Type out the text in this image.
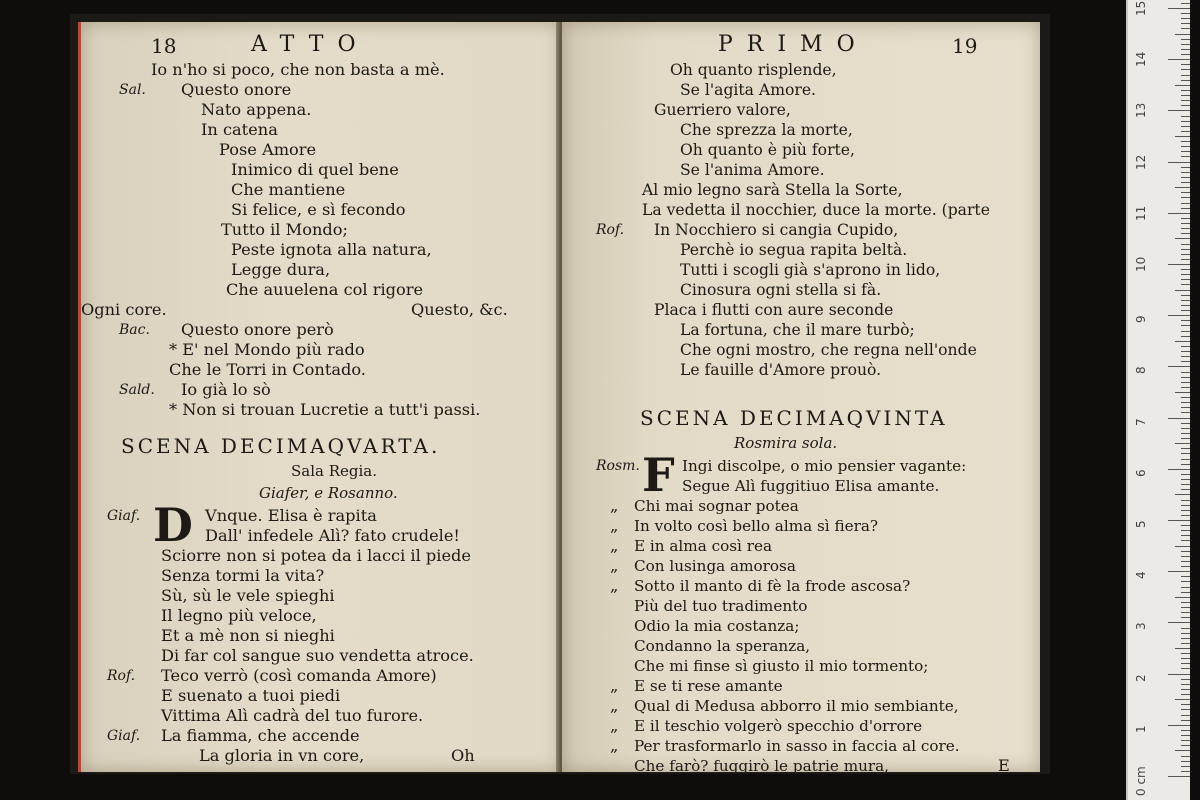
18	ATTO
Io n'ho si poco, che non basta a mè.
Sal. Questo onore
Nato appena.
In catena
Pose Amore
Inimico di quel bene
Che mantiene
Si felice, e sì fecondo
Tutto il Mondo;
Peste ignota alla natura,
Legge dura,
Che auuelena col rigore
Ogni core.	Questo, &c.
Bac. Questo onore però
* E' nel Mondo più rado
Che le Torri in Contado.
Sald. Io già lo sò
* Non si trouan Lucretie a tutt'i passi.
SCENA DECIMAQVARTA.
Sala Regia.
Giafer, e Rosanno.
Giaf. D Vnque. Elisa è rapita
Dall' infedele Alì? fato crudele!
Sciorre non si potea da i lacci il piede
Senza tormi la vita?
Sù, sù le vele spieghi
Il legno più veloce,
Et a mè non si nieghi
Di far col sangue suo vendetta atroce.
Rof. Teco verrò (così comanda Amore)
E suenato a tuoi piedi
Vittima Alì cadrà del tuo furore.
Giaf. La fiamma, che accende
La gloria in vn core,	Oh
PRIMO	19
Oh quanto risplende,
Se l'agita Amore.
Guerriero valore,
Che sprezza la morte,
Oh quanto è più forte,
Se l'anima Amore.
Al mio legno sarà Stella la Sorte,
La vedetta il nocchier, duce la morte. (parte
Rof. In Nocchiero si cangia Cupido,
Perchè io segua rapita beltà.
Tutti i scogli già s'aprono in lido,
Cinosura ogni stella si fà.
Placa i flutti con aure seconde
La fortuna, che il mare turbò;
Che ogni mostro, che regna nell'onde
Le fauille d'Amore prouò.
SCENA DECIMAQVINTA
Rosmira sola.
Rosm. F Ingi discolpe, o mio pensier vagante:
Segue Alì fuggitiuo Elisa amante.
„ Chi mai sognar potea
„ In volto così bello alma sì fiera?
„ E in alma così rea
„ Con lusinga amorosa
„ Sotto il manto di fè la frode ascosa?
Più del tuo tradimento
Odio la mia costanza;
Condanno la speranza,
Che mi finse sì giusto il mio tormento;
„ E se ti rese amante
„ Qual di Medusa abborro il mio sembiante,
„ E il teschio volgerò specchio d'orrore
„ Per trasformarlo in sasso in faccia al core.
Che farò? fuggirò le patrie mura,	E
0 cm
1
2
3
4
5
6
7
8
9
10
11
12
13
14
15
